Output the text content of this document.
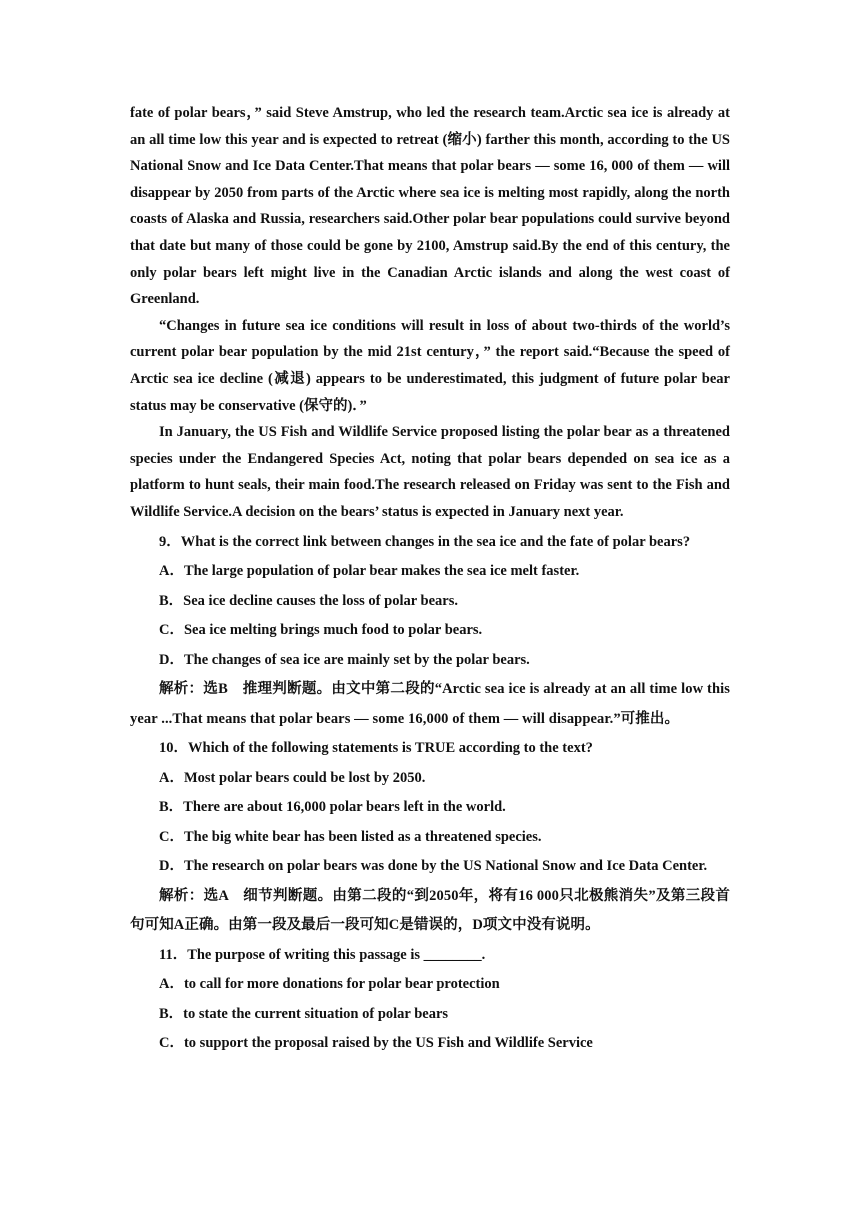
fate of polar bears，” said Steve Amstrup, who led the research team.Arctic sea ice is already at an all time low this year and is expected to retreat (缩小) farther this month, according to the US National Snow and Ice Data Center.That means that polar bears — some 16, 000 of them — will disappear by 2050 from parts of the Arctic where sea ice is melting most rapidly, along the north coasts of Alaska and Russia, researchers said.Other polar bear populations could survive beyond that date but many of those could be gone by 2100, Amstrup said.By the end of this century, the only polar bears left might live in the Canadian Arctic islands and along the west coast of Greenland.

“Changes in future sea ice conditions will result in loss of about two-thirds of the world’s current polar bear population by the mid 21st century，” the report said.“Because the speed of Arctic sea ice decline (减退) appears to be underestimated, this judgment of future polar bear status may be conservative (保守的)．”

In January, the US Fish and Wildlife Service proposed listing the polar bear as a threatened species under the Endangered Species Act, noting that polar bears depended on sea ice as a platform to hunt seals, their main food.The research released on Friday was sent to the Fish and Wildlife Service.A decision on the bears’ status is expected in January next year.

9．What is the correct link between changes in the sea ice and the fate of polar bears?
A．The large population of polar bear makes the sea ice melt faster.
B．Sea ice decline causes the loss of polar bears.
C．Sea ice melting brings much food to polar bears.
D．The changes of sea ice are mainly set by the polar bears.

解析：选B　推理判断题。由文中第二段的“Arctic sea ice is already at an all time low this year ...That means that polar bears — some 16,000 of them — will disappear.”可推出。

10．Which of the following statements is TRUE according to the text?
A．Most polar bears could be lost by 2050.
B．There are about 16,000 polar bears left in the world.
C．The big white bear has been listed as a threatened species.
D．The research on polar bears was done by the US National Snow and Ice Data Center.

解析：选A　细节判断题。由第二段的“到2050年，将有16 000只北极熊消失”及第三段首句可知A正确。由第一段及最后一段可知C是错误的，D项文中没有说明。

11．The purpose of writing this passage is ________.
A．to call for more donations for polar bear protection
B．to state the current situation of polar bears
C．to support the proposal raised by the US Fish and Wildlife Service
